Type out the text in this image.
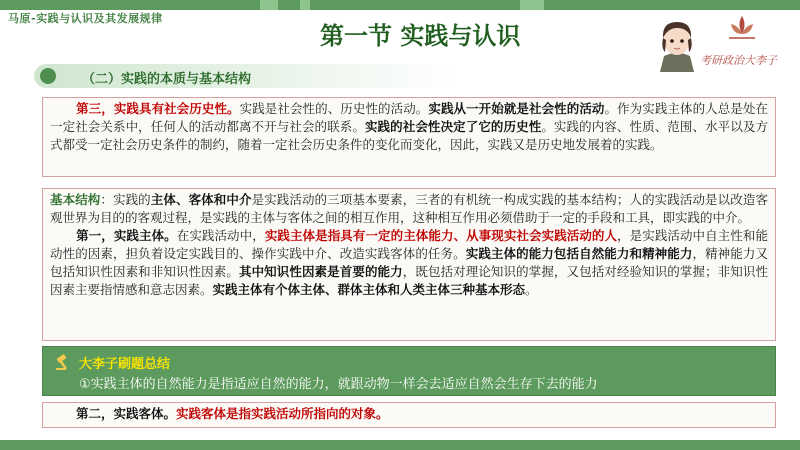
马原-实践与认识及其发展规律
第一节 实践与认识
考研政治大李子
（二）实践的本质与基本结构
第三，实践具有社会历史性。实践是社会性的、历史性的活动。实践从一开始就是社会性的活动。作为实践主体的人总是处在一定社会关系中，任何人的活动都离不开与社会的联系。实践的社会性决定了它的历史性。实践的内容、性质、范围、水平以及方式都受一定社会历史条件的制约，随着一定社会历史条件的变化而变化，因此，实践又是历史地发展着的实践。
基本结构：实践的主体、客体和中介是实践活动的三项基本要素，三者的有机统一构成实践的基本结构；人的实践活动是以改造客观世界为目的的客观过程，是实践的主体与客体之间的相互作用，这种相互作用必须借助于一定的手段和工具，即实践的中介。
第一，实践主体。在实践活动中，实践主体是指具有一定的主体能力、从事现实社会实践活动的人，是实践活动中自主性和能动性的因素，担负着设定实践目的、操作实践中介、改造实践客体的任务。实践主体的能力包括自然能力和精神能力，精神能力又包括知识性因素和非知识性因素。其中知识性因素是首要的能力，既包括对理论知识的掌握，又包括对经验知识的掌握；非知识性因素主要指情感和意志因素。实践主体有个体主体、群体主体和人类主体三种基本形态。
大李子刷题总结
①实践主体的自然能力是指适应自然的能力，就跟动物一样会去适应自然会生存下去的能力
第二，实践客体。实践客体是指实践活动所指向的对象。
